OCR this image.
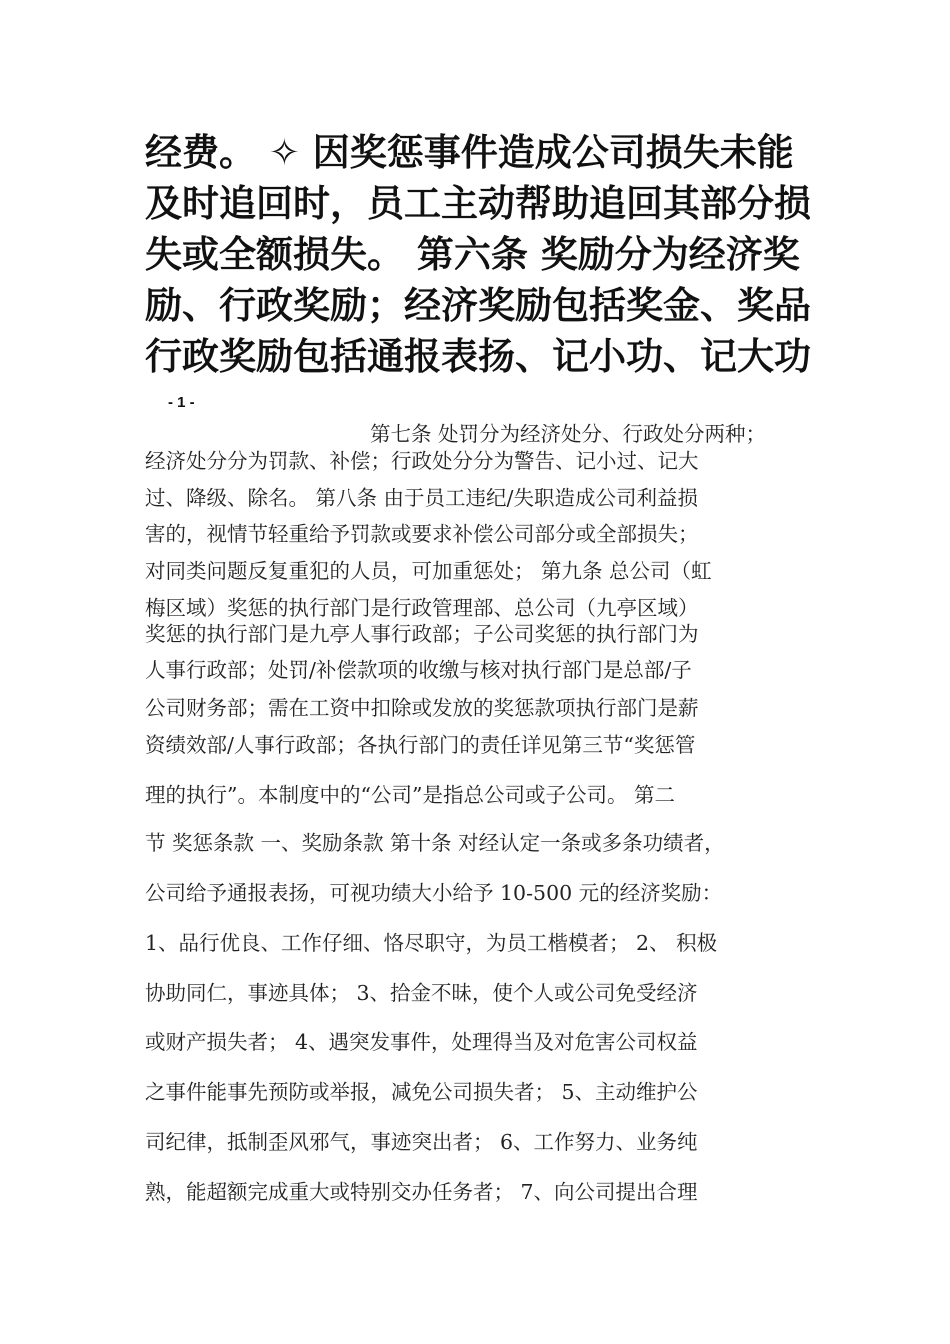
经费。 ✧ 因奖惩事件造成公司损失未能
及时追回时，员工主动帮助追回其部分损
失或全额损失。 第六条 奖励分为经济奖
励、行政奖励；经济奖励包括奖金、奖品
行政奖励包括通报表扬、记小功、记大功
- 1 -
第七条 处罚分为经济处分、行政处分两种；
经济处分分为罚款、补偿；行政处分分为警告、记小过、记大
过、降级、除名。 第八条 由于员工违纪/失职造成公司利益损
害的，视情节轻重给予罚款或要求补偿公司部分或全部损失；
对同类问题反复重犯的人员，可加重惩处； 第九条 总公司（虹
梅区域）奖惩的执行部门是行政管理部、总公司（九亭区域）
奖惩的执行部门是九亭人事行政部；子公司奖惩的执行部门为
人事行政部；处罚/补偿款项的收缴与核对执行部门是总部/子
公司财务部；需在工资中扣除或发放的奖惩款项执行部门是薪
资绩效部/人事行政部；各执行部门的责任详见第三节“奖惩管
理的执行”。本制度中的“公司”是指总公司或子公司。 第二
节 奖惩条款 一、奖励条款 第十条 对经认定一条或多条功绩者，
公司给予通报表扬，可视功绩大小给予 10-500 元的经济奖励：
1、品行优良、工作仔细、恪尽职守，为员工楷模者； 2、 积极
协助同仁，事迹具体； 3、拾金不昧，使个人或公司免受经济
或财产损失者； 4、遇突发事件，处理得当及对危害公司权益
之事件能事先预防或举报，减免公司损失者； 5、主动维护公
司纪律，抵制歪风邪气，事迹突出者； 6、工作努力、业务纯
熟，能超额完成重大或特别交办任务者； 7、向公司提出合理
